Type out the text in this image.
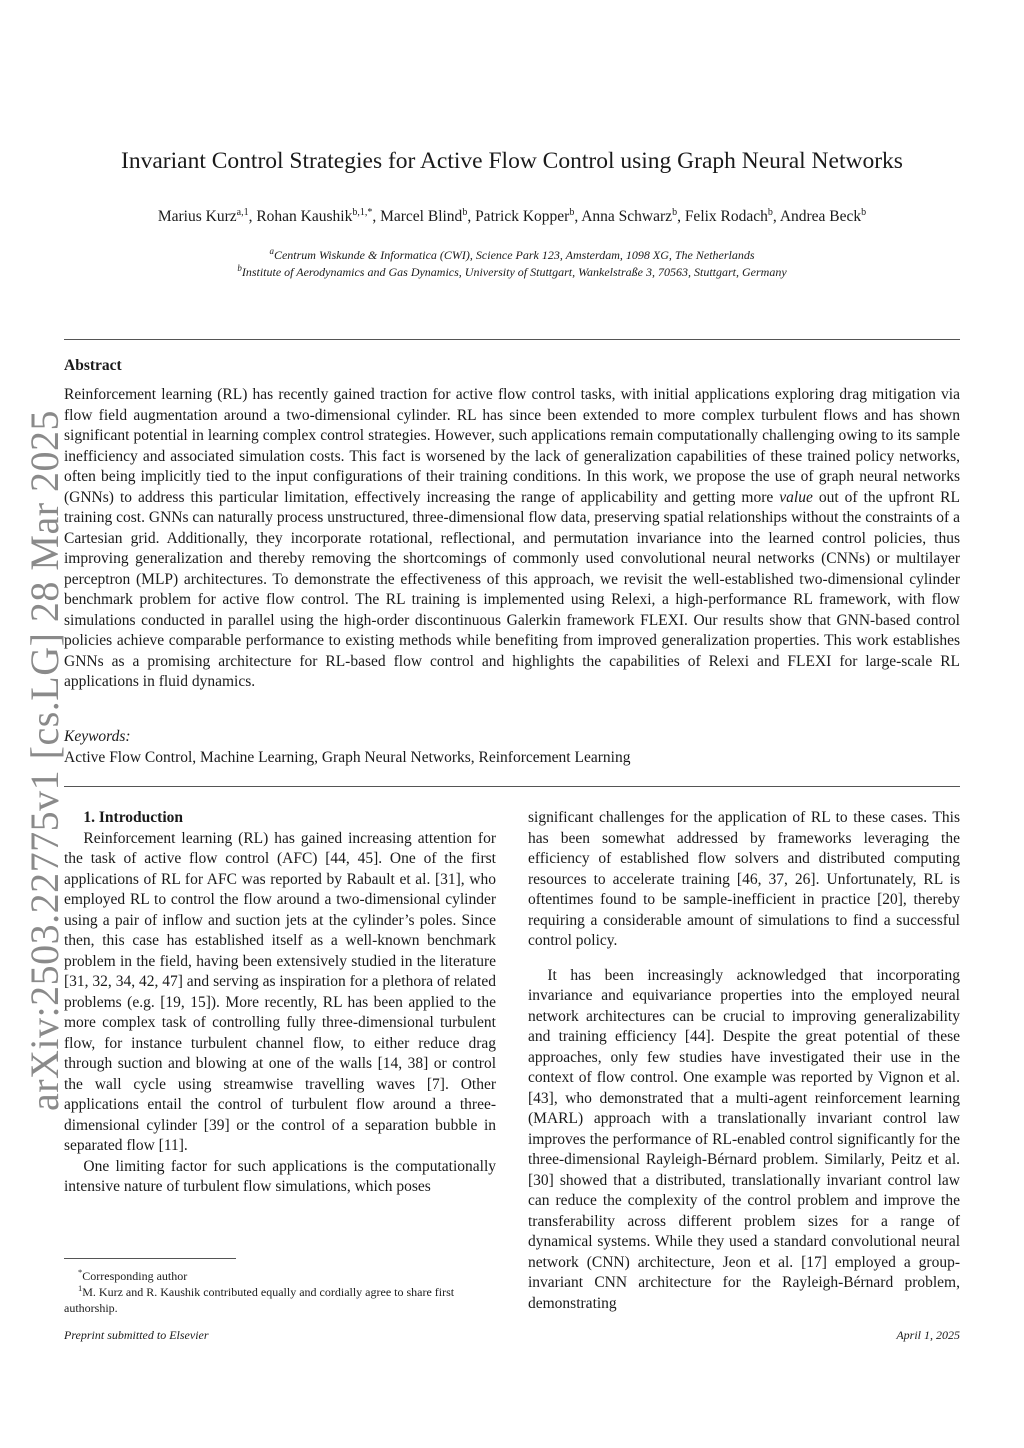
arXiv:2503.22775v1 [cs.LG] 28 Mar 2025
Invariant Control Strategies for Active Flow Control using Graph Neural Networks
Marius Kurz$^{a,1}$, Rohan Kaushik$^{b,1,*}$, Marcel Blind$^b$, Patrick Kopper$^b$, Anna Schwarz$^b$, Felix Rodach$^b$, Andrea Beck$^b$
$^a$Centrum Wiskunde & Informatica (CWI), Science Park 123, Amsterdam, 1098 XG, The Netherlands
$^b$Institute of Aerodynamics and Gas Dynamics, University of Stuttgart, Wankelstraße 3, 70563, Stuttgart, Germany
Abstract
Reinforcement learning (RL) has recently gained traction for active flow control tasks, with initial applications exploring drag mitigation via flow field augmentation around a two-dimensional cylinder. RL has since been extended to more complex turbulent flows and has shown significant potential in learning complex control strategies. However, such applications remain computationally challenging owing to its sample inefficiency and associated simulation costs. This fact is worsened by the lack of generalization capabilities of these trained policy networks, often being implicitly tied to the input configurations of their training conditions. In this work, we propose the use of graph neural networks (GNNs) to address this particular limitation, effectively increasing the range of applicability and getting more value out of the upfront RL training cost. GNNs can naturally process unstructured, three-dimensional flow data, preserving spatial relationships without the constraints of a Cartesian grid. Additionally, they incorporate rotational, reflectional, and permutation invariance into the learned control policies, thus improving generalization and thereby removing the shortcomings of commonly used convolutional neural networks (CNNs) or multilayer perceptron (MLP) architectures. To demonstrate the effectiveness of this approach, we revisit the well-established two-dimensional cylinder benchmark problem for active flow control. The RL training is implemented using Relexi, a high-performance RL framework, with flow simulations conducted in parallel using the high-order discontinuous Galerkin framework FLEXI. Our results show that GNN-based control policies achieve comparable performance to existing methods while benefiting from improved generalization properties. This work establishes GNNs as a promising architecture for RL-based flow control and highlights the capabilities of Relexi and FLEXI for large-scale RL applications in fluid dynamics.
Keywords:
Active Flow Control, Machine Learning, Graph Neural Networks, Reinforcement Learning

1. Introduction

Reinforcement learning (RL) has gained increasing attention for the task of active flow control (AFC) [44, 45]. One of the first applications of RL for AFC was reported by Rabault et al. [31], who employed RL to control the flow around a two-dimensional cylinder using a pair of inflow and suction jets at the cylinder’s poles. Since then, this case has established itself as a well-known benchmark problem in the field, having been extensively studied in the literature [31, 32, 34, 42, 47] and serving as inspiration for a plethora of related problems (e.g. [19, 15]). More recently, RL has been applied to the more complex task of controlling fully three-dimensional turbulent flow, for instance turbulent channel flow, to either reduce drag through suction and blowing at one of the walls [14, 38] or control the wall cycle using streamwise travelling waves [7]. Other applications entail the control of turbulent flow around a three-dimensional cylinder [39] or the control of a separation bubble in separated flow [11].

One limiting factor for such applications is the computationally intensive nature of turbulent flow simulations, which poses

significant challenges for the application of RL to these cases. This has been somewhat addressed by frameworks leveraging the efficiency of established flow solvers and distributed computing resources to accelerate training [46, 37, 26]. Unfortunately, RL is oftentimes found to be sample-inefficient in practice [20], thereby requiring a considerable amount of simulations to find a successful control policy.

It has been increasingly acknowledged that incorporating invariance and equivariance properties into the employed neural network architectures can be crucial to improving generalizability and training efficiency [44]. Despite the great potential of these approaches, only few studies have investigated their use in the context of flow control. One example was reported by Vignon et al. [43], who demonstrated that a multi-agent reinforcement learning (MARL) approach with a translationally invariant control law improves the performance of RL-enabled control significantly for the three-dimensional Rayleigh-Bérnard problem. Similarly, Peitz et al. [30] showed that a distributed, translationally invariant control law can reduce the complexity of the control problem and improve the transferability across different problem sizes for a range of dynamical systems. While they used a standard convolutional neural network (CNN) architecture, Jeon et al. [17] employed a group-invariant CNN architecture for the Rayleigh-Bérnard problem, demonstrating

*Corresponding author
$^1$M. Kurz and R. Kaushik contributed equally and cordially agree to share first authorship.
Preprint submitted to Elsevier	April 1, 2025
